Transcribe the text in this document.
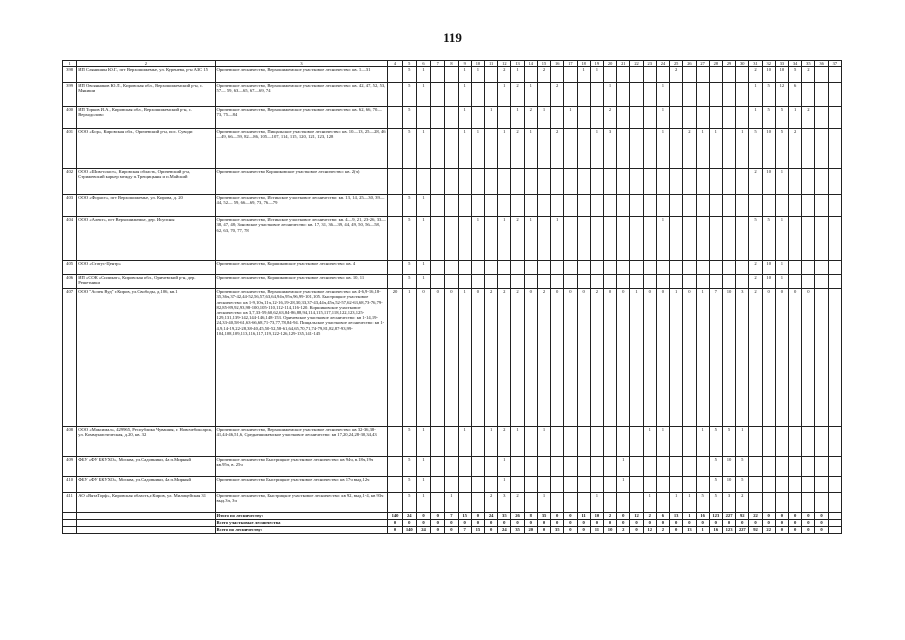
119
1	2	3	4	5	6	7	8	9	10	11	12	13	14	15	16	17	18	19	20	21	22	23	24	25	26	27	28	29	30	31	32	33	34	35	36	37
398	ИП Слянишин Ю.Г., пгт Верхошижемье, ул. Куренева, р-н АЗС 15	Оричевское лесничество, Верхошижемское участковое лесничество: кв. 1—31		5	1			1	1		2	1		2			1	1						2						2	10	10	5	2		
399	ИП Овсянников Ю.Л., Кировская обл., Верхошижемский р-н, с. Мякиши	Оричевское лесничество, Верхошижемское участковое лесничество: кв. 42, 47, 52, 53, 57— 59, 63—65, 67—69, 74		5	1			1			1	2	1		2				1				1							1	5	12	6			
400	ИП Торков И.А., Кировская обл., Верхошижемский р-н, с. Верходолово	Оричевское лесничество, Верхошижемское участковое лесничество: кв. 62, 66, 70—73, 75—84		5				1		1		1	2	1		1			2				1							1	5	5	1	2		
401	ООО «Бор», Кировская обл., Оричевский р-н, пос. Суводи	Оричевское лесничество, Пищальское участковое лесничество: кв. 10—13, 25—28, 46—49, 66—59, 82—86, 105—107, 114, 115, 120, 121, 123, 128		5	1			1	1		1	2	1		2			1	3				1		2	1	1		1	5	10	5	2			
402	ООО «Шим-пласт», Кировская область, Оричевский р-н, Стрижевский карьер между п.Трещицыны и п.Майский	Оричевское лесничество Коршиковское участковое лесничество: кв. 2(ч)																												2	10	1				
403	ООО «Фораст», пгт Верхошижемье, ул. Кирова, д. 20	Оричевское лесничество, Истинское участковое лесничество: кв. 13, 14, 25—30, 39—44, 52— 59, 66—69, 73, 76—79		5	1																															
404	ООО «Алект», пгт Верхошижемье, дер. Исупсны	Оричевское лесничество, Истинское участковое лесничество: кв. 4—9, 21, 23-26, 33—38, 47, 48; Зоновское участковое лесничество: кв. 17, 31, 36—39, 44, 49, 50, 56—58, 62, 63, 70, 77, 78		5	1				1		1	2	1		1								1							5	5	1				
405	ООО «Статус-Центр»	Оричевское лесничество, Коршиковское участковое лесничество: кв. 4		5	1																									2	10	1				
406	ИП «СОК «Силикат», Кировская обл., Оричевский р-н, дер. Решетники	Оричевское лесничество, Коршиковское участковое лесничество: кв. 10, 11		5	1																									2	10	1				
407	ООО "Аспек Вуд" г.Киров, ул.Свободы, д.106, кв.1	Оричевское лесничество, Верхошижемское участковое лесничество: кв 4-6,9-16,18-35,36ч,37-42,44-52,56,57,63,64,94ч,95ч,96,99-101,105. Быстрицкое участковое лесничество: кв 1-9,10ч,11ч,12-16,19-28,30,33,37-43,44ч,45ч,52-57,62-63,68,73-76,79-82,85-89,92,93,98-100,105-110,112-114,116-120. Коршиковское участковое лесничество: кв 3,7,33-59,60,62,63,84-86,88,94,114,115,117,118,122,123,125-129,131,139-142,144-146,148-153. Оричевское участковое лесничество: кв 1-14,19-24,33-40,58-61,63-66,68,71-73,77,78,84-94. Пищальское участковое лесничество: кв 1-4,9,14-19,22-28,38-40,45,50-52,58-61,64,65,70,71,74-79,81,82,87-93,99-104,108,109,113,116,117,119,122-126,129-135,141-145	20	1	0	0	0	1	0	2	2	2	0	2	0	0	0	2	0	0	1	0	0	1	0	1	7	10	3	2	0	0	0	0		
408	ООО «Максимал», 429965, Республика Чувашия, г. Новочебоксарск, ул. Коммунистическая, д.20, кв. 32	Оричевское лесничество, Верхошижемское участковое лесничество: кв 32-36,38-41,44-46,51,6, Среднешижемское участковое лесничество: кв 17,20,24,28-30,34,43		5	1			1		1	2	1		1								1	1			1	5	5	1							
409	ФБУ «ФУ БКУХО», Москва, ул.Садовники, 4а п.Мирный	Оричевское лесничество Быстрицкое участковое лесничество: кв 94ч, в.18ч,19ч кв.95ч, в. 25ч		5	1						1									1							5	10	5							
410	ФБУ «ФУ БКУХО», Москва, ул.Садовники, 4а п.Мирный	Оричевское лесничество Быстрицкое участковое лесничество: кв 17ч выд.12ч		5	1						1									1							5	10	5							
411	АО «ВятаТорф», Кировская область,г.Киров, ул. Милицейская 31	Оричевское лесничество, Быстрицкое участковое лесничество: кв 92, выд.1-4, кв 93ч выд.3ч, 3ч		5	1		1			2	3	2		1				1				1		1	1	5	5	3	2							
		Итого по лесничеству:	140	24	0	0	7	15	0	24	35	26	8	35	0	0	11	10	2	0	12	2	6	13	1	16	123	227	92	22	0	0	0	0	0	
		Всего участковые лесничества	0	0	0	0	0	0	0	0	0	0	0	0	0	0	0	0	0	0	0	0	0	0	0	0	0	0	0	0	0	0	0	0	0	
		Всего по лесничеству:	0	140	24	0	0	7	15	0	24	35	20	0	35	0	0	11	10	2	0	12	2	0	13	1	16	123	227	92	22	0	0	0	0	
